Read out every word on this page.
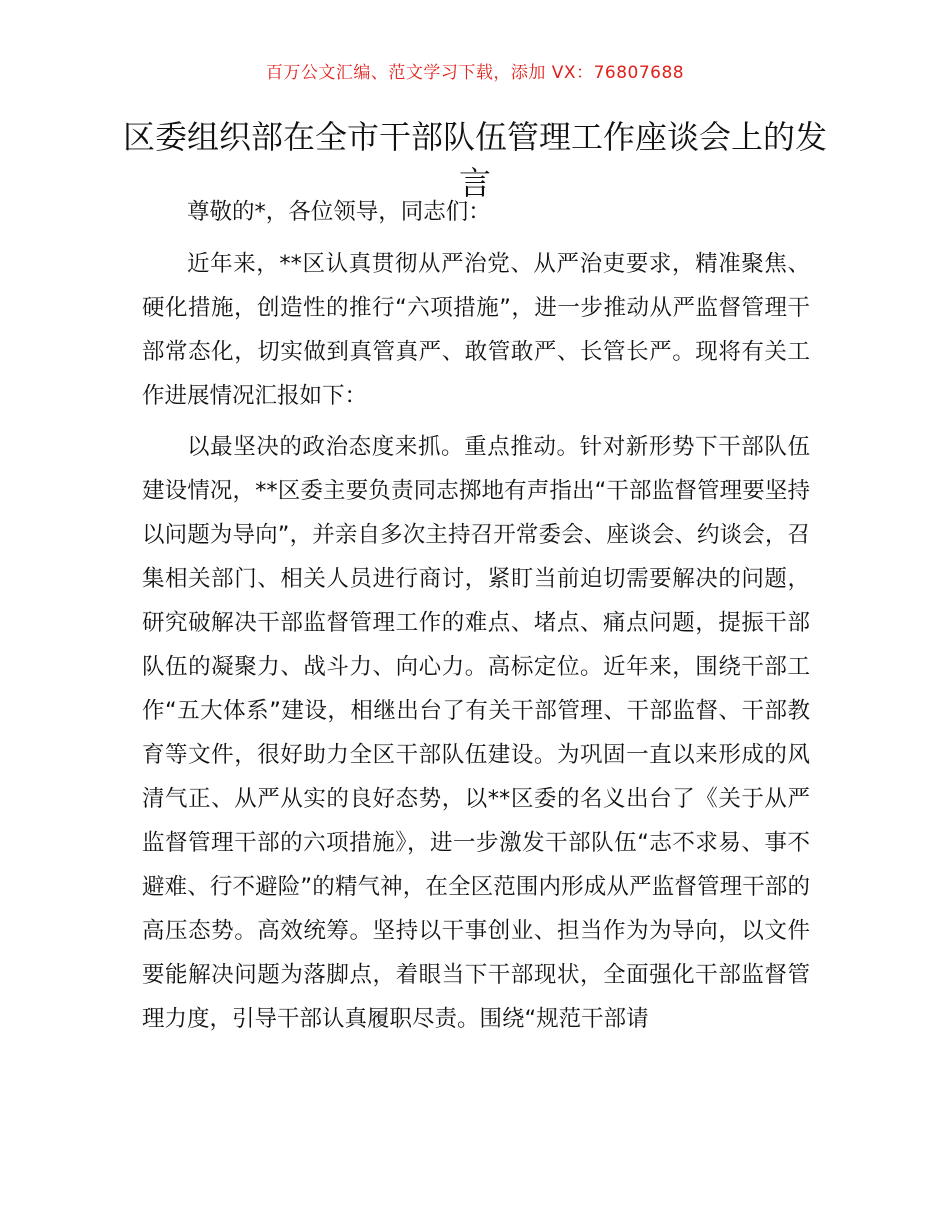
百万公文汇编、范文学习下载，添加 VX：76807688
区委组织部在全市干部队伍管理工作座谈会上的发言

尊敬的*，各位领导，同志们：

近年来，**区认真贯彻从严治党、从严治吏要求，精准聚焦、硬化措施，创造性的推行“六项措施”，进一步推动从严监督管理干部常态化，切实做到真管真严、敢管敢严、长管长严。现将有关工作进展情况汇报如下：

以最坚决的政治态度来抓。重点推动。针对新形势下干部队伍建设情况，**区委主要负责同志掷地有声指出“干部监督管理要坚持以问题为导向”，并亲自多次主持召开常委会、座谈会、约谈会，召集相关部门、相关人员进行商讨，紧盯当前迫切需要解决的问题，研究破解决干部监督管理工作的难点、堵点、痛点问题，提振干部队伍的凝聚力、战斗力、向心力。高标定位。近年来，围绕干部工作“五大体系”建设，相继出台了有关干部管理、干部监督、干部教育等文件，很好助力全区干部队伍建设。为巩固一直以来形成的风清气正、从严从实的良好态势，以**区委的名义出台了《关于从严监督管理干部的六项措施》，进一步激发干部队伍“志不求易、事不避难、行不避险”的精气神，在全区范围内形成从严监督管理干部的高压态势。高效统筹。坚持以干事创业、担当作为为导向，以文件要能解决问题为落脚点，着眼当下干部现状，全面强化干部监督管理力度，引导干部认真履职尽责。围绕“规范干部请
